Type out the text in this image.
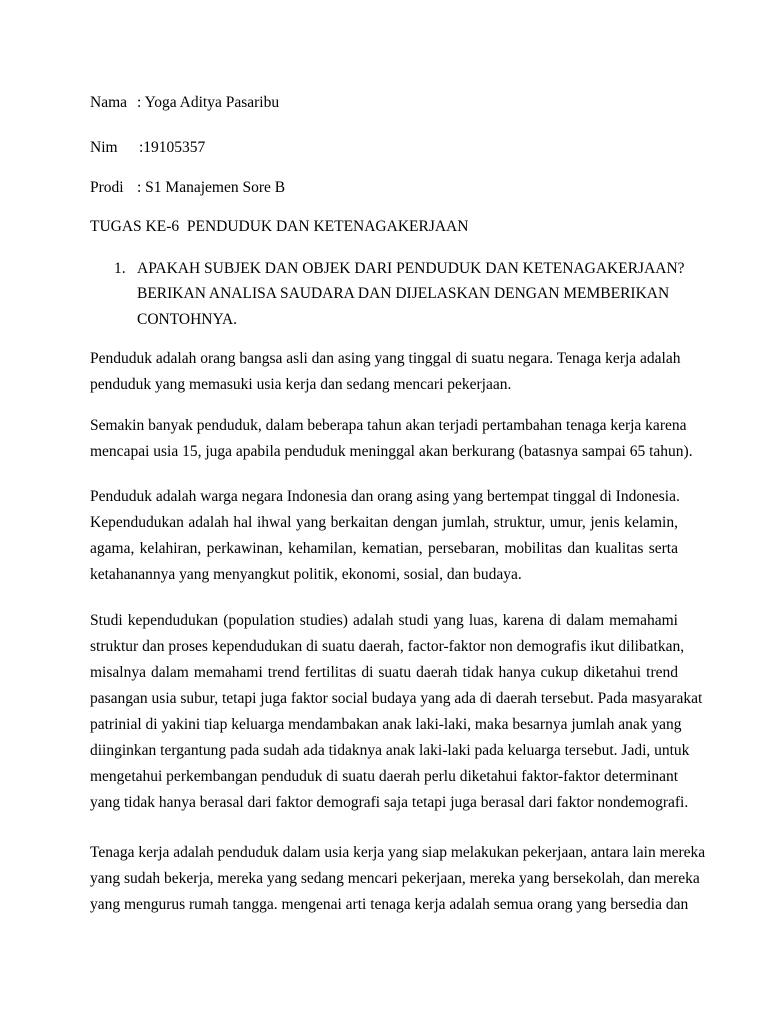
Nama : Yoga Aditya Pasaribu
Nim :19105357
Prodi : S1 Manajemen Sore B
TUGAS KE-6  PENDUDUK DAN KETENAGAKERJAAN
1. APAKAH SUBJEK DAN OBJEK DARI PENDUDUK DAN KETENAGAKERJAAN?
BERIKAN ANALISA SAUDARA DAN DIJELASKAN DENGAN MEMBERIKAN
CONTOHNYA.
Penduduk adalah orang bangsa asli dan asing yang tinggal di suatu negara. Tenaga kerja adalah
penduduk yang memasuki usia kerja dan sedang mencari pekerjaan.
Semakin banyak penduduk, dalam beberapa tahun akan terjadi pertambahan tenaga kerja karena
mencapai usia 15, juga apabila penduduk meninggal akan berkurang (batasnya sampai 65 tahun).
Penduduk adalah warga negara Indonesia dan orang asing yang bertempat tinggal di Indonesia.
Kependudukan adalah hal ihwal yang berkaitan dengan jumlah, struktur, umur, jenis kelamin,
agama, kelahiran, perkawinan, kehamilan, kematian, persebaran, mobilitas dan kualitas serta
ketahanannya yang menyangkut politik, ekonomi, sosial, dan budaya.
Studi kependudukan (population studies) adalah studi yang luas, karena di dalam memahami
struktur dan proses kependudukan di suatu daerah, factor-faktor non demografis ikut dilibatkan,
misalnya dalam memahami trend fertilitas di suatu daerah tidak hanya cukup diketahui trend
pasangan usia subur, tetapi juga faktor social budaya yang ada di daerah tersebut. Pada masyarakat
patrinial di yakini tiap keluarga mendambakan anak laki-laki, maka besarnya jumlah anak yang
diinginkan tergantung pada sudah ada tidaknya anak laki-laki pada keluarga tersebut. Jadi, untuk
mengetahui perkembangan penduduk di suatu daerah perlu diketahui faktor-faktor determinant
yang tidak hanya berasal dari faktor demografi saja tetapi juga berasal dari faktor nondemografi.
Tenaga kerja adalah penduduk dalam usia kerja yang siap melakukan pekerjaan, antara lain mereka
yang sudah bekerja, mereka yang sedang mencari pekerjaan, mereka yang bersekolah, dan mereka
yang mengurus rumah tangga. mengenai arti tenaga kerja adalah semua orang yang bersedia dan
